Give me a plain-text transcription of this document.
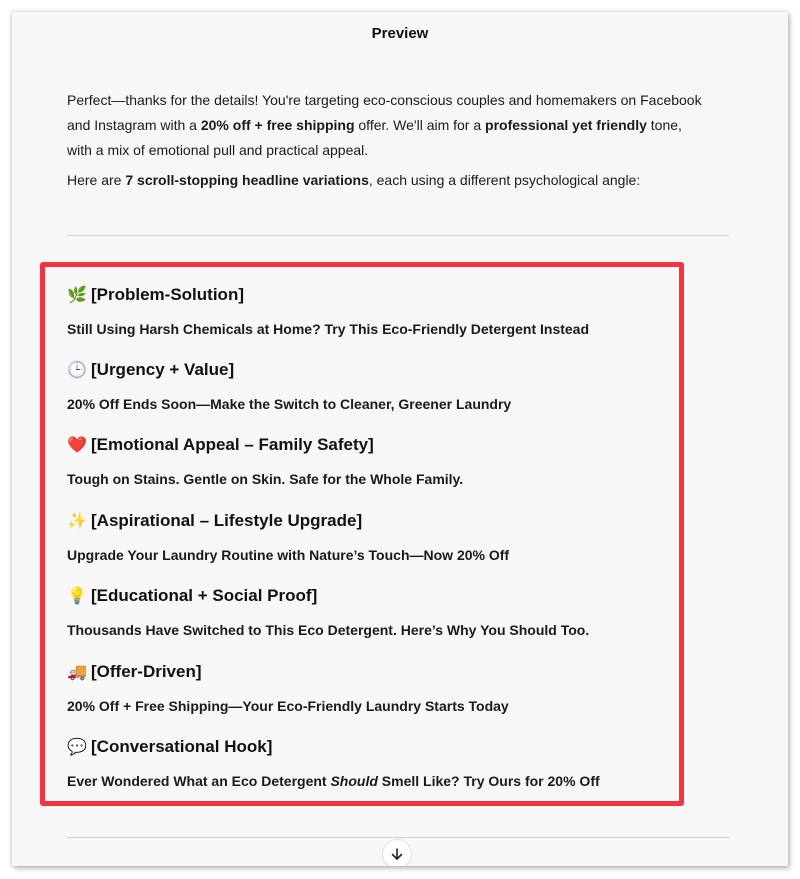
Preview

Perfect—thanks for the details! You're targeting eco-conscious couples and homemakers on Facebook and Instagram with a 20% off + free shipping offer. We'll aim for a professional yet friendly tone, with a mix of emotional pull and practical appeal.

Here are 7 scroll-stopping headline variations, each using a different psychological angle:

🌿 [Problem-Solution]
Still Using Harsh Chemicals at Home? Try This Eco-Friendly Detergent Instead
🕒 [Urgency + Value]
20% Off Ends Soon—Make the Switch to Cleaner, Greener Laundry
❤️ [Emotional Appeal – Family Safety]
Tough on Stains. Gentle on Skin. Safe for the Whole Family.
✨ [Aspirational – Lifestyle Upgrade]
Upgrade Your Laundry Routine with Nature’s Touch—Now 20% Off
💡 [Educational + Social Proof]
Thousands Have Switched to This Eco Detergent. Here’s Why You Should Too.
🚚 [Offer-Driven]
20% Off + Free Shipping—Your Eco-Friendly Laundry Starts Today
💬 [Conversational Hook]
Ever Wondered What an Eco Detergent Should Smell Like? Try Ours for 20% Off
